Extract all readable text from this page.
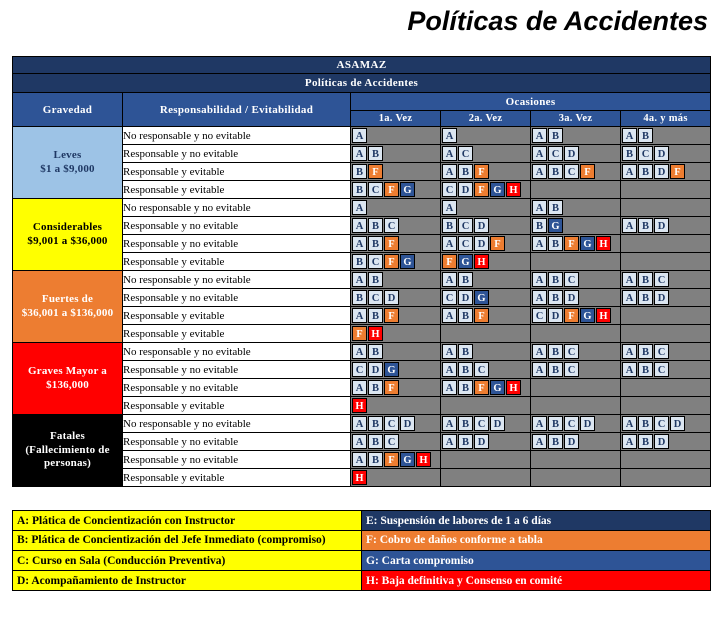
Políticas de Accidentes
ASAMAZ					
Políticas de Accidentes					
Gravedad	Responsabilidad / Evitabilidad	Ocasiones			
		1a. Vez	2a. Vez	3a. Vez	4a. y más

Leves
$1 a $9,000
	No responsable y no evitable	A	A	A B	A B

	Responsable y no evitable	A B	A C	A C D	B C D

	Responsable y evitable	B F	A B F	A B C F	A B D F

	Responsable y evitable	B C F G	C D F G H		

Considerables
$9,001 a $36,000
	No responsable y no evitable	A	A	A B

	Responsable y no evitable	A B C	B C D	B G	A B D

	Responsable y no evitable	A B F	A C D F	A B F G H	

	Responsable y evitable	B C F G	F G H		

Fuertes de
$36,001 a $136,000
	No responsable y no evitable	A B	A B	A B C	A B C

	Responsable y no evitable	B C D	C D G	A B D	A B D

	Responsable y evitable	A B F	A B F	C D F G H	

	Responsable y evitable	F H			

Graves Mayor a
$136,000
	No responsable y no evitable	A B	A B	A B C	A B C

	Responsable y no evitable	C D G	A B C	A B C	A B C

	Responsable y no evitable	A B F	A B F G H		

	Responsable y evitable	H			

Fatales
(Fallecimiento de personas)
	No responsable y no evitable	A B C D	A B C D	A B C D	A B C D

	Responsable y no evitable	A B C	A B D	A B D	A B D

	Responsable y no evitable	A B F G H			

	Responsable y evitable	H			

A: Plática de Concientización con Instructor	E: Suspensión de labores de 1 a 6 días
B: Plática de Concientización del Jefe Inmediato (compromiso)	F: Cobro de daños conforme a tabla
C: Curso en Sala (Conducción Preventiva)	G: Carta compromiso
D: Acompañamiento de Instructor	H: Baja definitiva y Consenso en comité
